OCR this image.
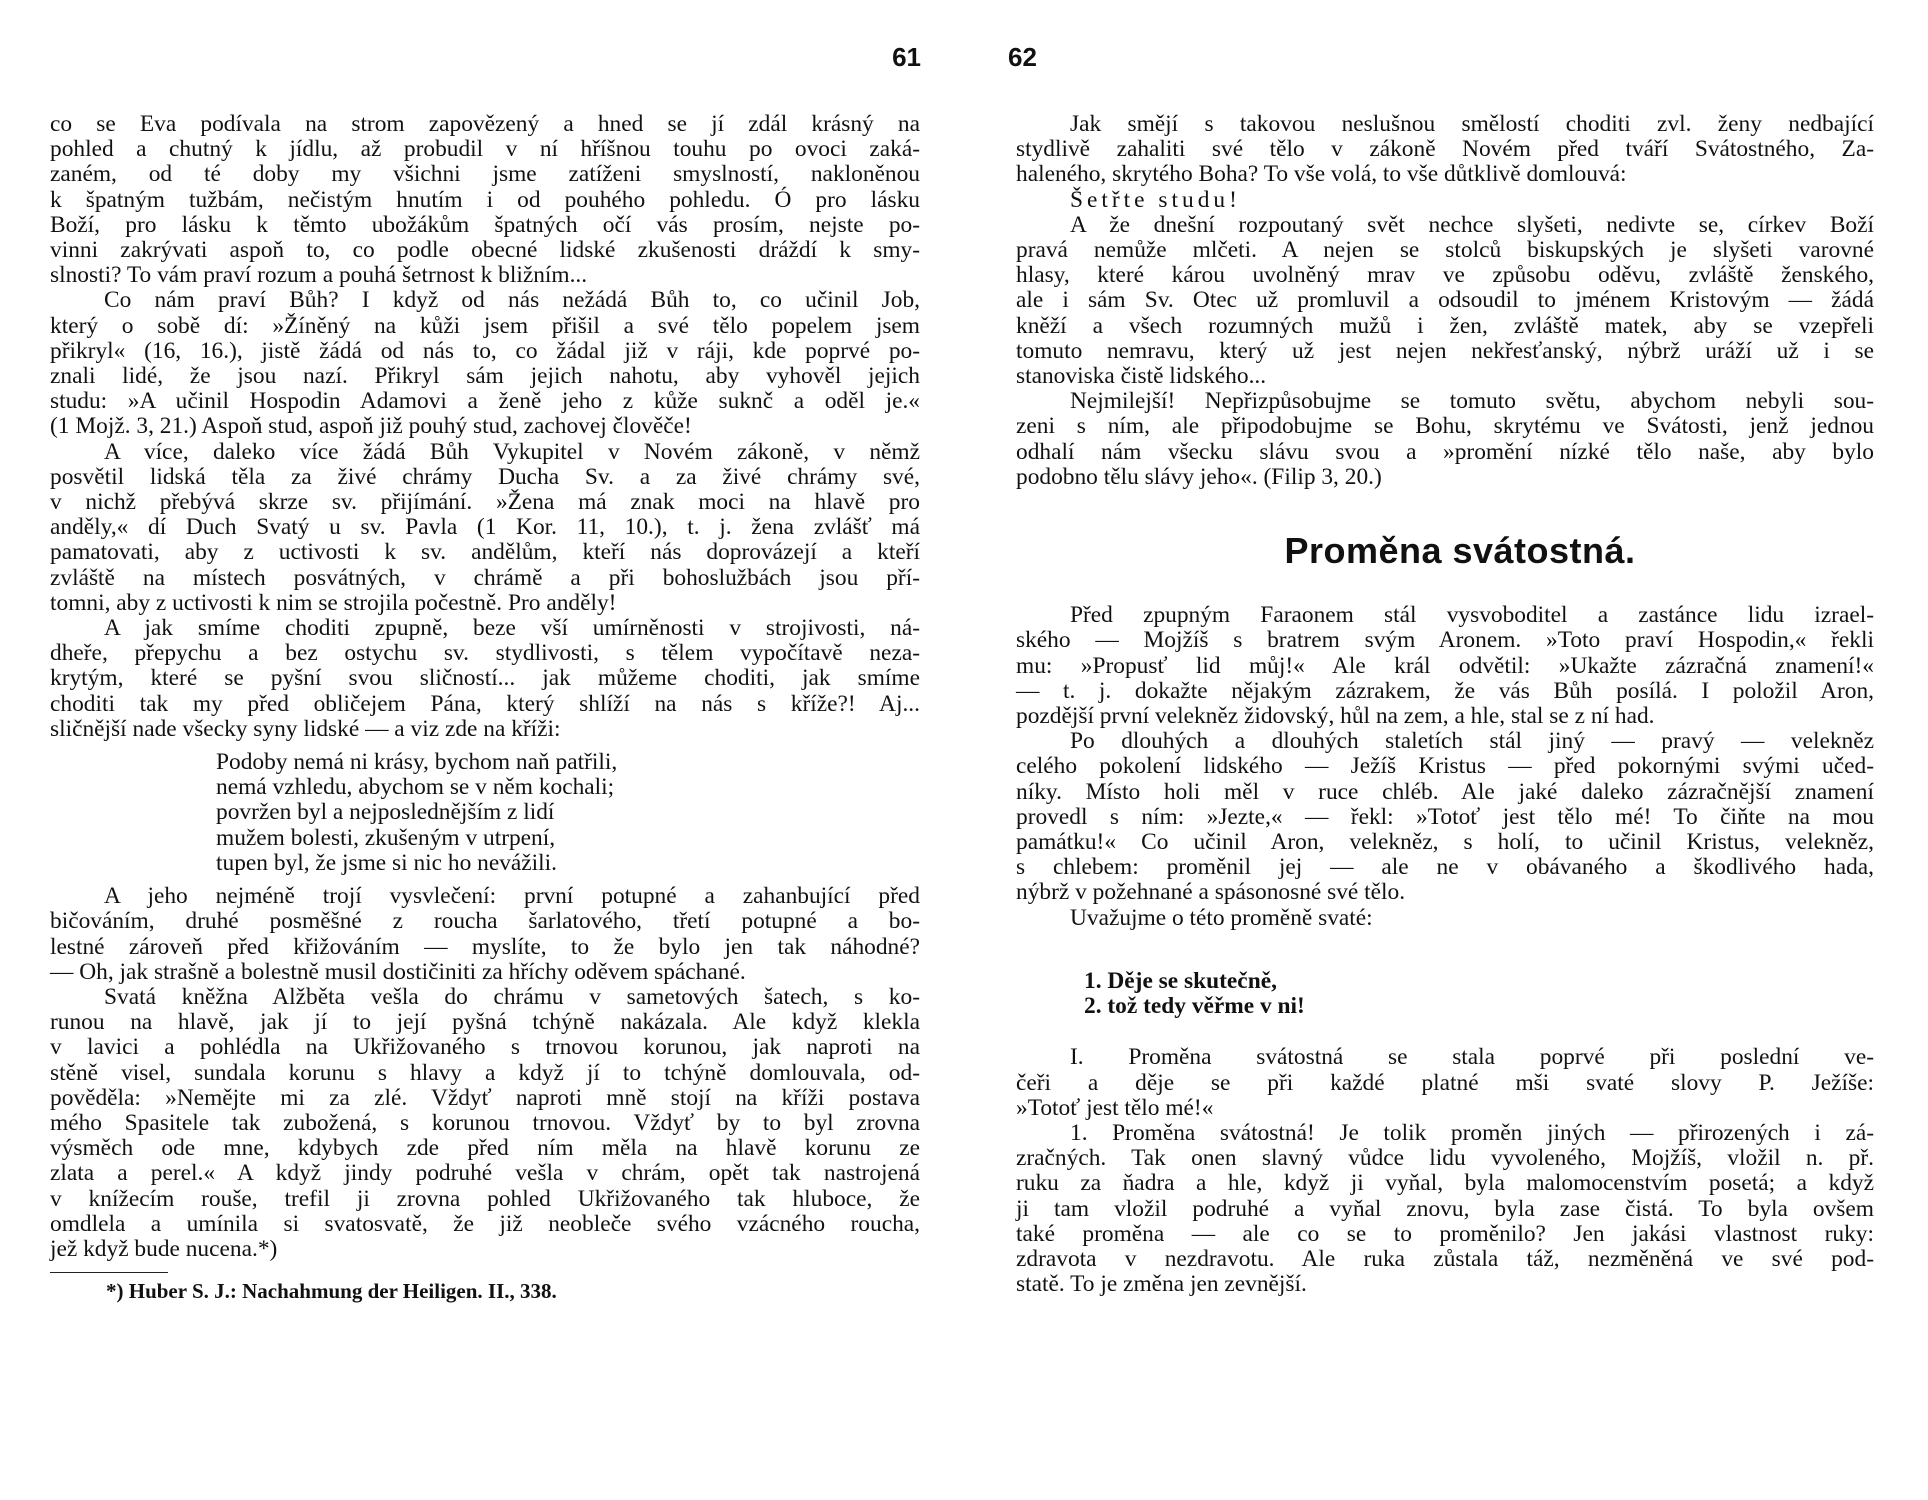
61
co se Eva podívala na strom zapovězený a hned se jí zdál krásný na
pohled a chutný k jídlu, až probudil v ní hříšnou touhu po ovoci zaká-
zaném, od té doby my všichni jsme zatíženi smyslností, nakloněnou
k špatným tužbám, nečistým hnutím i od pouhého pohledu. Ó pro lásku
Boží, pro lásku k těmto ubožákům špatných očí vás prosím, nejste po-
vinni zakrývati aspoň to, co podle obecné lidské zkušenosti dráždí k smy-
slnosti? To vám praví rozum a pouhá šetrnost k bližním...
Co nám praví Bůh? I když od nás nežádá Bůh to, co učinil Job,
který o sobě dí: »Žíněný na kůži jsem přišil a své tělo popelem jsem
přikryl« (16, 16.), jistě žádá od nás to, co žádal již v ráji, kde poprvé po-
znali lidé, že jsou nazí. Přikryl sám jejich nahotu, aby vyhověl jejich
studu: »A učinil Hospodin Adamovi a ženě jeho z kůže suknč a oděl je.«
(1 Mojž. 3, 21.) Aspoň stud, aspoň již pouhý stud, zachovej člověče!
A více, daleko více žádá Bůh Vykupitel v Novém zákoně, v němž
posvětil lidská těla za živé chrámy Ducha Sv. a za živé chrámy své,
v nichž přebývá skrze sv. přijímání. »Žena má znak moci na hlavě pro
anděly,« dí Duch Svatý u sv. Pavla (1 Kor. 11, 10.), t. j. žena zvlášť má
pamatovati, aby z uctivosti k sv. andělům, kteří nás doprovázejí a kteří
zvláště na místech posvátných, v chrámě a při bohoslužbách jsou pří-
tomni, aby z uctivosti k nim se strojila počestně. Pro anděly!
A jak smíme choditi zpupně, beze vší umírněnosti v strojivosti, ná-
dheře, přepychu a bez ostychu sv. stydlivosti, s tělem vypočítavě neza-
krytým, které se pyšní svou sličností... jak můžeme choditi, jak smíme
choditi tak my před obličejem Pána, který shlíží na nás s kříže?! Aj...
sličnější nade všecky syny lidské — a viz zde na kříži:
Podoby nemá ni krásy, bychom naň patřili,
nemá vzhledu, abychom se v něm kochali;
povržen byl a nejposlednějším z lidí
mužem bolesti, zkušeným v utrpení,
tupen byl, že jsme si nic ho nevážili.
A jeho nejméně trojí vysvlečení: první potupné a zahanbující před
bičováním, druhé posměšné z roucha šarlatového, třetí potupné a bo-
lestné zároveň před křižováním — myslíte, to že bylo jen tak náhodné?
— Oh, jak strašně a bolestně musil dostičiniti za hříchy oděvem spáchané.
Svatá kněžna Alžběta vešla do chrámu v sametových šatech, s ko-
runou na hlavě, jak jí to její pyšná tchýně nakázala. Ale když klekla
v lavici a pohlédla na Ukřižovaného s trnovou korunou, jak naproti na
stěně visel, sundala korunu s hlavy a když jí to tchýně domlouvala, od-
pověděla: »Nemějte mi za zlé. Vždyť naproti mně stojí na kříži postava
mého Spasitele tak zubožená, s korunou trnovou. Vždyť by to byl zrovna
výsměch ode mne, kdybych zde před ním měla na hlavě korunu ze
zlata a perel.« A když jindy podruhé vešla v chrám, opět tak nastrojená
v knížecím rouše, trefil ji zrovna pohled Ukřižovaného tak hluboce, že
omdlela a umínila si svatosvatě, že již neobleče svého vzácného roucha,
jež když bude nucena.*)
*) Huber S. J.: Nachahmung der Heiligen. II., 338.
62
Jak smějí s takovou neslušnou smělostí choditi zvl. ženy nedbající
stydlivě zahaliti své tělo v zákoně Novém před tváří Svátostného, Za-
haleného, skrytého Boha? To vše volá, to vše důtklivě domlouvá:
Šetřte studu!
A že dnešní rozpoutaný svět nechce slyšeti, nedivte se, církev Boží
pravá nemůže mlčeti. A nejen se stolců biskupských je slyšeti varovné
hlasy, které károu uvolněný mrav ve způsobu oděvu, zvláště ženského,
ale i sám Sv. Otec už promluvil a odsoudil to jménem Kristovým — žádá
kněží a všech rozumných mužů i žen, zvláště matek, aby se vzepřeli
tomuto nemravu, který už jest nejen nekřesťanský, nýbrž uráží už i se
stanoviska čistě lidského...
Nejmilejší! Nepřizpůsobujme se tomuto světu, abychom nebyli sou-
zeni s ním, ale připodobujme se Bohu, skrytému ve Svátosti, jenž jednou
odhalí nám všecku slávu svou a »promění nízké tělo naše, aby bylo
podobno tělu slávy jeho«. (Filip 3, 20.)
Proměna svátostná.
Před zpupným Faraonem stál vysvoboditel a zastánce lidu izrael-
ského — Mojžíš s bratrem svým Aronem. »Toto praví Hospodin,« řekli
mu: »Propusť lid můj!« Ale král odvětil: »Ukažte zázračná znamení!«
— t. j. dokažte nějakým zázrakem, že vás Bůh posílá. I položil Aron,
pozdější první velekněz židovský, hůl na zem, a hle, stal se z ní had.
Po dlouhých a dlouhých staletích stál jiný — pravý — velekněz
celého pokolení lidského — Ježíš Kristus — před pokornými svými učed-
níky. Místo holi měl v ruce chléb. Ale jaké daleko zázračnější znamení
provedl s ním: »Jezte,« — řekl: »Totoť jest tělo mé! To čiňte na mou
památku!« Co učinil Aron, velekněz, s holí, to učinil Kristus, velekněz,
s chlebem: proměnil jej — ale ne v obávaného a škodlivého hada,
nýbrž v požehnané a spásonosné své tělo.
Uvažujme o této proměně svaté:
1. Děje se skutečně,
2. tož tedy věřme v ni!
I. Proměna svátostná se stala poprvé při poslední ve-
čeři a děje se při každé platné mši svaté slovy P. Ježíše:
»Totoť jest tělo mé!«
1. Proměna svátostná! Je tolik proměn jiných — přirozených i zá-
zračných. Tak onen slavný vůdce lidu vyvoleného, Mojžíš, vložil n. př.
ruku za ňadra a hle, když ji vyňal, byla malomocenstvím posetá; a když
ji tam vložil podruhé a vyňal znovu, byla zase čistá. To byla ovšem
také proměna — ale co se to proměnilo? Jen jakási vlastnost ruky:
zdravota v nezdravotu. Ale ruka zůstala táž, nezměněná ve své pod-
statě. To je změna jen zevnější.
